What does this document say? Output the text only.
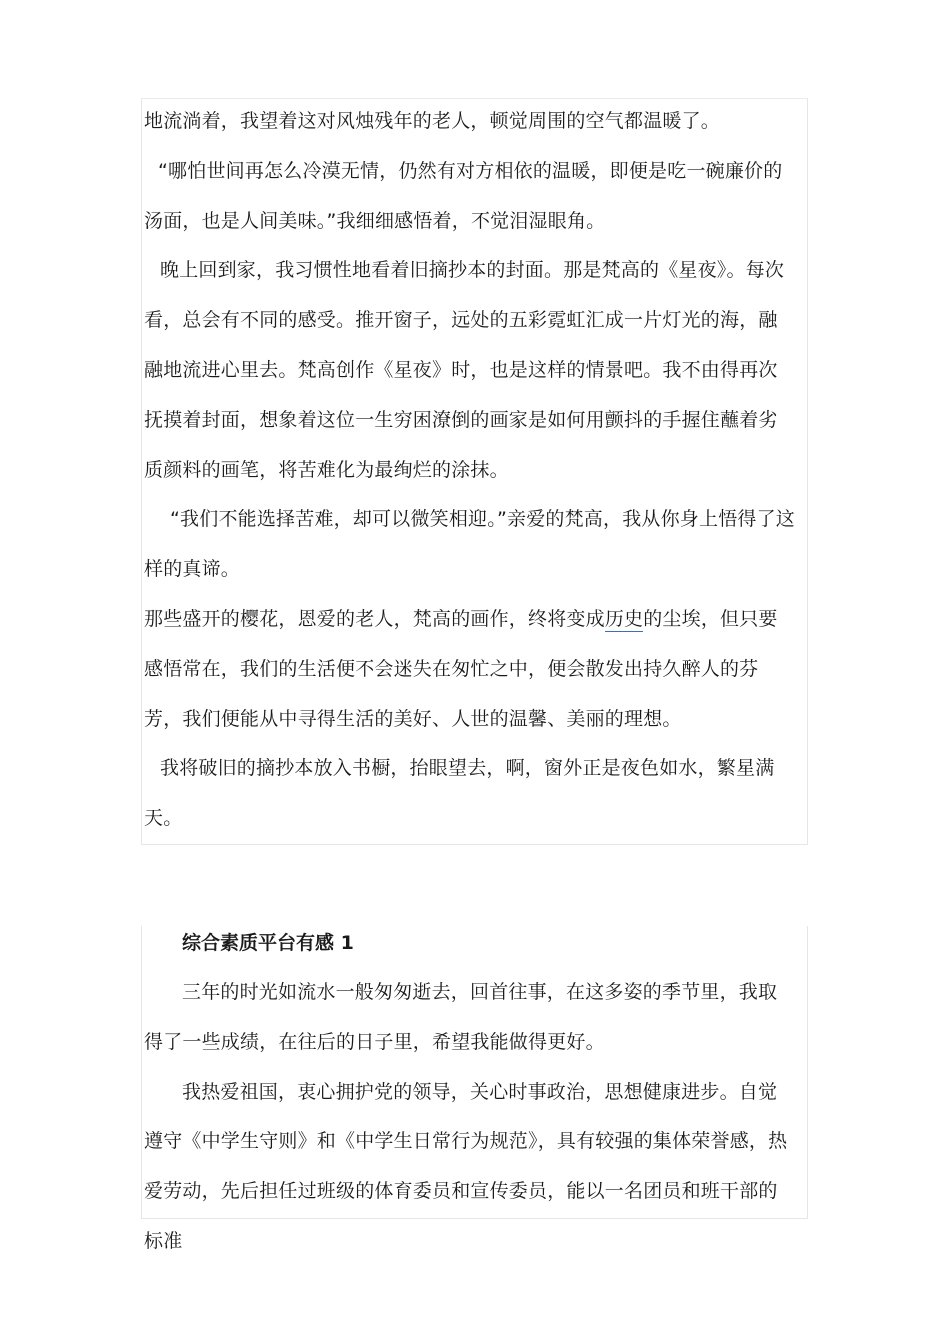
地流淌着，我望着这对风烛残年的老人，顿觉周围的空气都温暖了。

“哪怕世间再怎么冷漠无情，仍然有对方相依的温暖，即便是吃一碗廉价的汤面，也是人间美味。”我细细感悟着，不觉泪湿眼角。

晚上回到家，我习惯性地看着旧摘抄本的封面。那是梵高的《星夜》。每次看，总会有不同的感受。推开窗子，远处的五彩霓虹汇成一片灯光的海，融融地流进心里去。梵高创作《星夜》时，也是这样的情景吧。我不由得再次抚摸着封面，想象着这位一生穷困潦倒的画家是如何用颤抖的手握住蘸着劣质颜料的画笔，将苦难化为最绚烂的涂抹。

“我们不能选择苦难，却可以微笑相迎。”亲爱的梵高，我从你身上悟得了这样的真谛。

那些盛开的樱花，恩爱的老人，梵高的画作，终将变成历史的尘埃，但只要感悟常在，我们的生活便不会迷失在匆忙之中，便会散发出持久醉人的芬芳，我们便能从中寻得生活的美好、人世的温馨、美丽的理想。

我将破旧的摘抄本放入书橱，抬眼望去，啊，窗外正是夜色如水，繁星满天。

综合素质平台有感 1

三年的时光如流水一般匆匆逝去，回首往事，在这多姿的季节里，我取得了一些成绩，在往后的日子里，希望我能做得更好。

我热爱祖国，衷心拥护党的领导，关心时事政治，思想健康进步。自觉遵守《中学生守则》和《中学生日常行为规范》，具有较强的集体荣誉感，热爱劳动，先后担任过班级的体育委员和宣传委员，能以一名团员和班干部的标准
